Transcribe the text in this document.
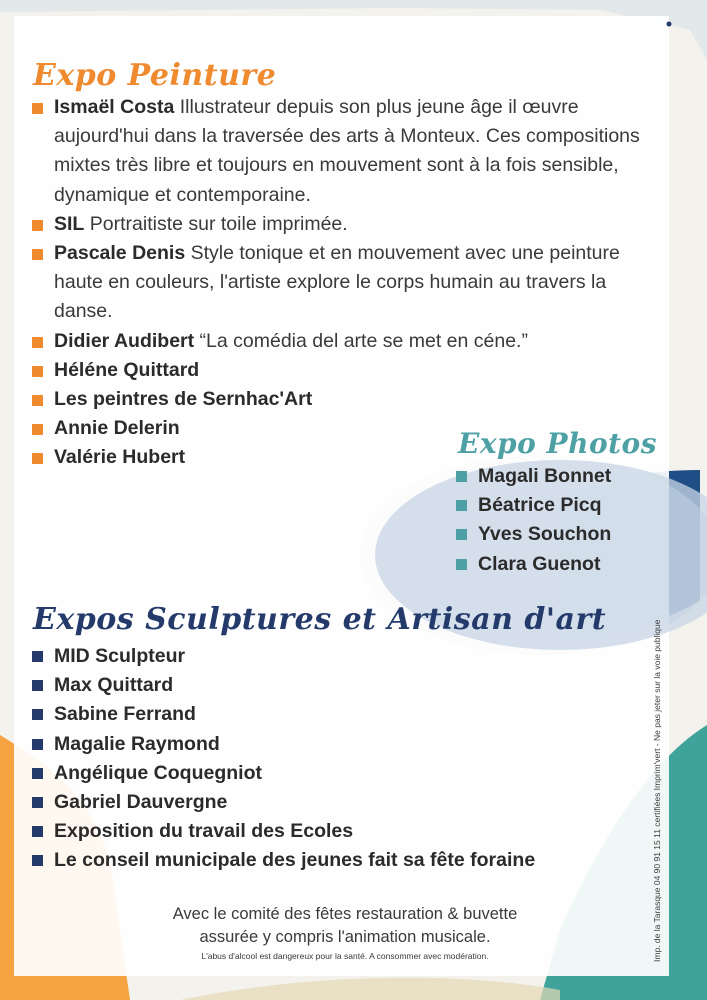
Expo Peinture
Ismaël Costa Illustrateur depuis son plus jeune âge il œuvre aujourd'hui dans la traversée des arts à Monteux. Ces compositions mixtes très libre et toujours en mouvement sont à la fois sensible, dynamique et contemporaine.
SIL Portraitiste sur toile imprimée.
Pascale Denis Style tonique et en mouvement avec une peinture haute en couleurs, l'artiste explore le corps humain au travers la danse.
Didier Audibert “La comédia del arte se met en céne.”
Héléne Quittard
Les peintres de Sernhac'Art
Annie Delerin
Valérie Hubert	Expo Photos
Magali Bonnet
Béatrice Picq
Yves Souchon
Clara Guenot
Expos Sculptures et Artisan d'art
MID Sculpteur
Max Quittard
Sabine Ferrand
Magalie Raymond
Angélique Coquegniot
Gabriel Dauvergne
Exposition du travail des Ecoles
Le conseil municipale des jeunes fait sa fête foraine
Avec le comité des fêtes restauration & buvette
assurée y compris l'animation musicale.
L'abus d'alcool est dangereux pour la santé. A consommer avec modération.	Imp. de la Tarasque 04 90 91 15 11 certifiées Imprim'vert - Ne pas jeter sur la voie publique
